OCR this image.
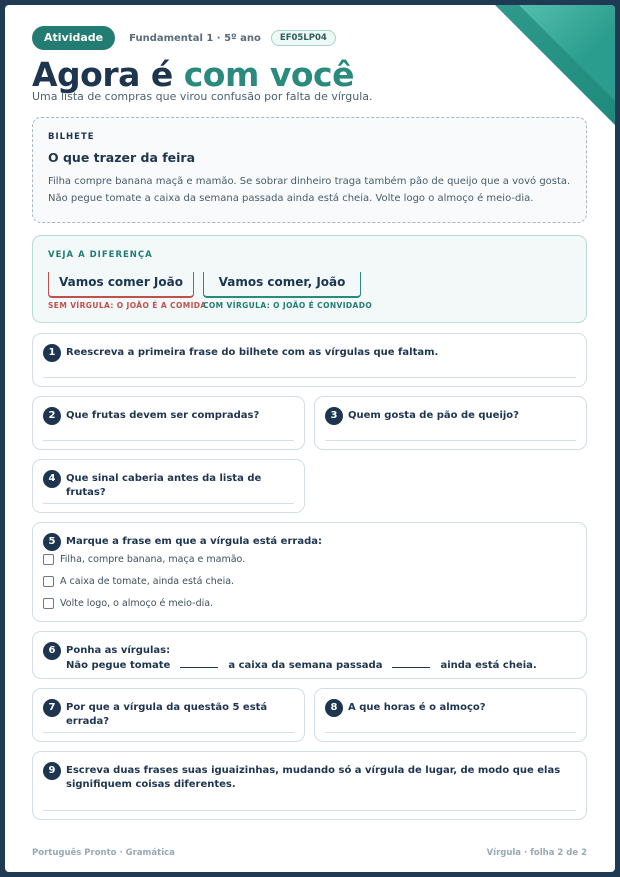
Atividade	Fundamental 1 · 5º ano	EF05LP04
Agora é com você
Uma lista de compras que virou confusão por falta de vírgula.
BILHETE
O que trazer da feira

Filha compre banana maçã e mamão. Se sobrar dinheiro traga também pão de queijo que a vovó gosta. Não pegue tomate a caixa da semana passada ainda está cheia. Volte logo o almoço é meio-dia.

VEJA A DIFERENÇA
Vamos comer João	Vamos comer, João
SEM VÍRGULA: O JOÃO É A COMIDA
COM VÍRGULA: O JOÃO É CONVIDADO
1	Reescreva a primeira frase do bilhete com as vírgulas que faltam.
2	Que frutas devem ser compradas?	3	Quem gosta de pão de queijo?
4	Que sinal caberia antes da lista de frutas?
5	Marque a frase em que a vírgula está errada:
Filha, compre banana, maça e mamão.
A caixa de tomate, ainda está cheia.
Volte logo, o almoço é meio-dia.
6	Ponha as vírgulas:
Não pegue tomate	a caixa da semana passada	ainda está cheia.
7	Por que a vírgula da questão 5 está errada?
8	A que horas é o almoço?
9	Escreva duas frases suas iguaizinhas, mudando só a vírgula de lugar, de modo que elas signifiquem coisas diferentes.
Português Pronto · Gramática	Vírgula · folha 2 de 2
